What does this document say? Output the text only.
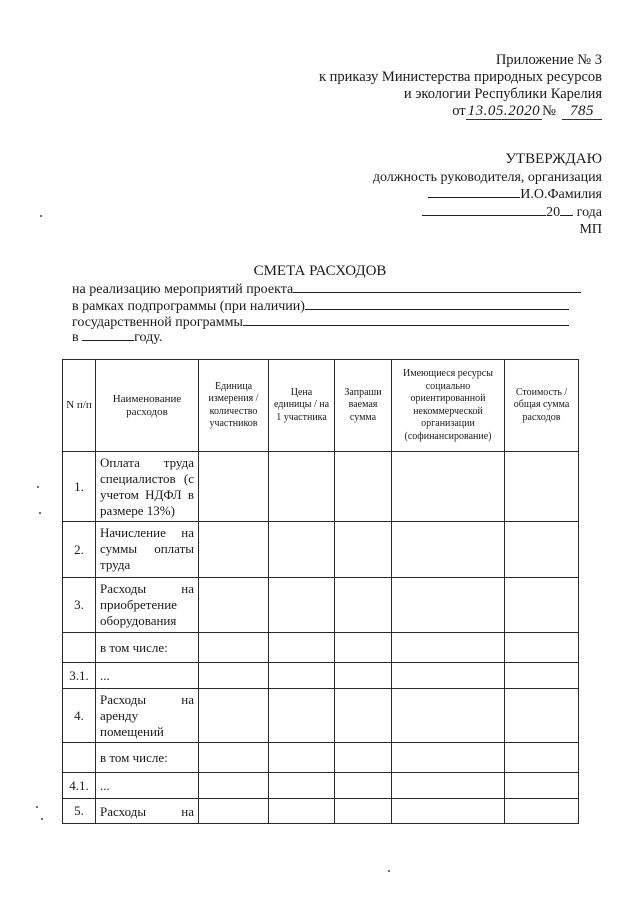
Приложение № 3
к приказу Министерства природных ресурсов
и экологии Республики Карелия
от 13.05.2020 № 785
УТВЕРЖДАЮ
должность руководителя, организация
И.О.Фамилия
20 года
МП
СМЕТА РАСХОДОВ
на реализацию мероприятий проекта
в рамках подпрограммы (при наличии)
государственной программы
в	году.
N п/п	Наименование расходов	Единица измерения / количество участников	Цена единицы / на 1 участника	Запраши ваемая сумма	Имеющиеся ресурсы социально ориентированной некоммерческой организации (софинансирование)	Стоимость / общая сумма расходов
1.	Оплата труда
специалистов (с
учетом НДФЛ в
размере 13%)					

2.	Начисление на
суммы оплаты
труда					

3.	Расходы на
приобретение
оборудования					

	в том числе:					

3.1.	...					

4.	Расходы на
аренду
помещений					

	в том числе:					

4.1.	...					

5.	Расходы на					
